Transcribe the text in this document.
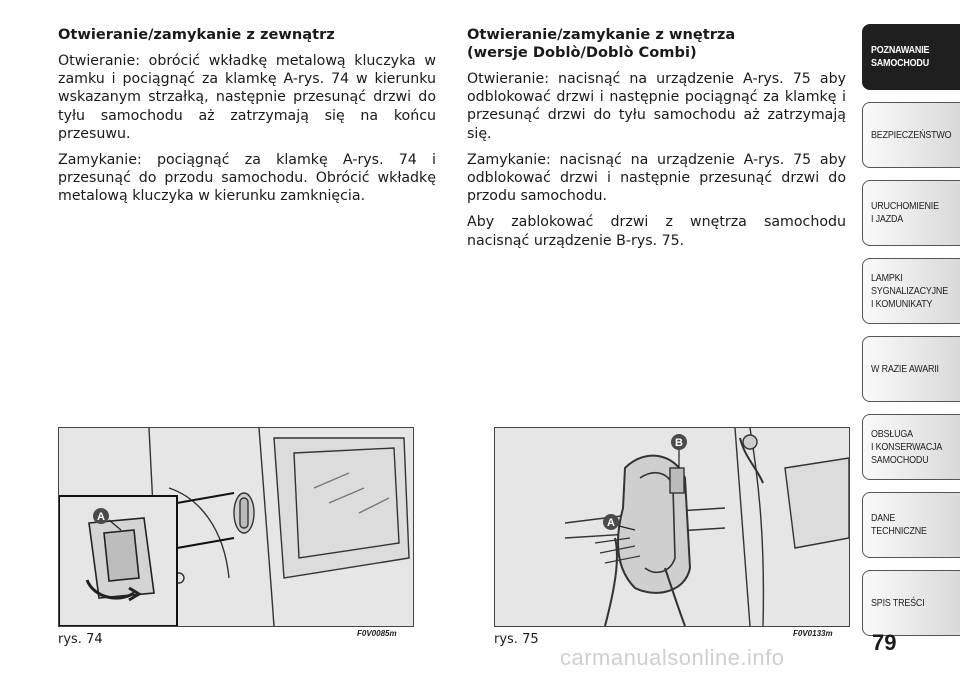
Otwieranie/zamykanie z zewnątrz

Otwieranie: obrócić wkładkę metalową kluczyka w zamku i pociągnąć za klamkę A-rys. 74 w kierunku wskazanym strzałką, następnie przesunąć drzwi do tyłu samochodu aż zatrzymają się na końcu przesuwu.

Zamykanie: pociągnąć za klamkę A-rys. 74 i przesunąć do przodu samochodu. Obrócić wkładkę metalową kluczyka w kierunku zamknięcia.

Otwieranie/zamykanie z wnętrza
(wersje Doblò/Doblò Combi)

Otwieranie: nacisnąć na urządzenie A-rys. 75 aby odblokować drzwi i następnie pociągnąć za klamkę i przesunąć drzwi do tyłu samochodu aż zatrzymają się.

Zamykanie: nacisnąć na urządzenie A-rys. 75 aby odblokować drzwi i następnie przesunąć drzwi do przodu samochodu.

Aby zablokować drzwi z wnętrza samochodu nacisnąć urządzenie B-rys. 75.

A
rys. 74	F0V0085m
A
B
rys. 75	F0V0133m
POZNAWANIE
SAMOCHODU
BEZPIECZEŃSTWO
URUCHOMIENIE
I JAZDA
LAMPKI
SYGNALIZACYJNE
I KOMUNIKATY
W RAZIE AWARII
OBSŁUGA
I KONSERWACJA
SAMOCHODU
DANE
TECHNICZNE
SPIS TREŚCI
79
carmanualsonline.info
